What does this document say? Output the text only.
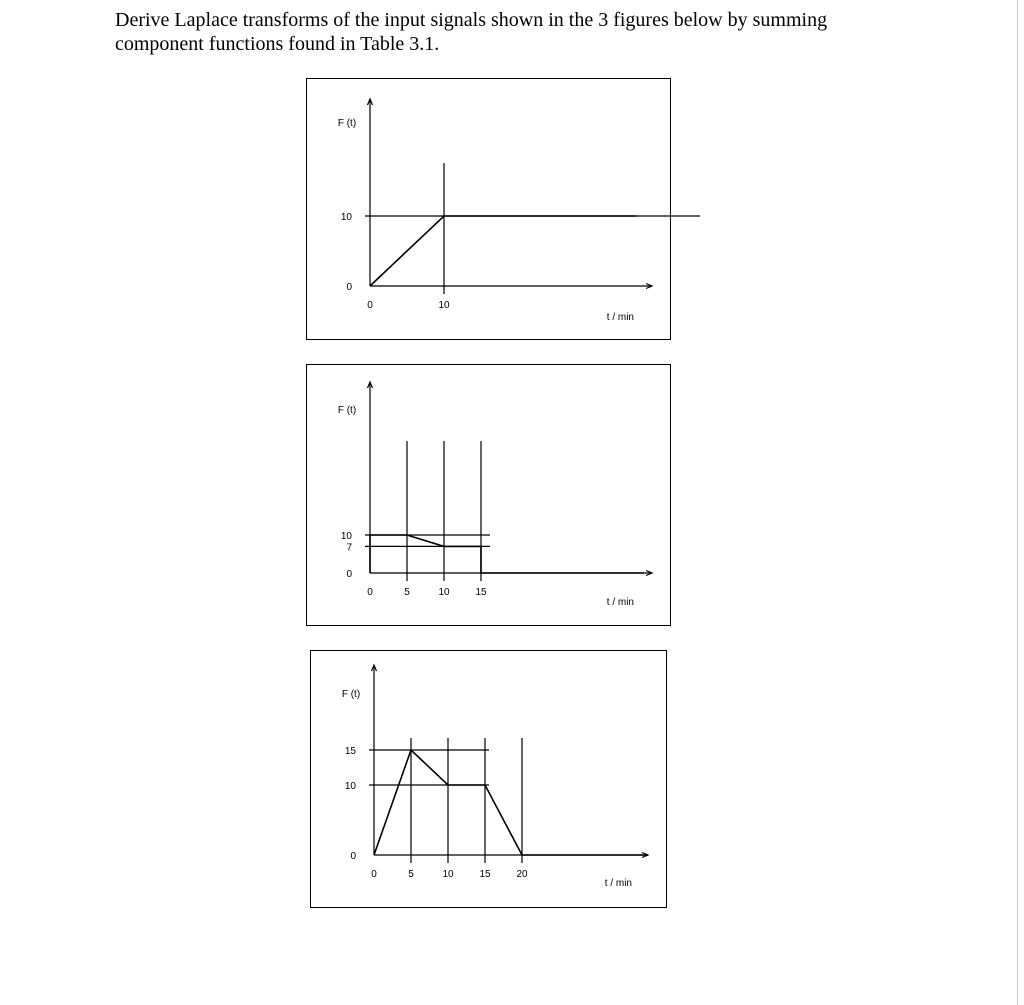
Derive Laplace transforms of the input signals shown in the 3 figures below by summing component functions found in Table 3.1.

F (t)
t / min
0
10
0	10
F (t)
t / min
0
7
10
0	5	10	15
F (t)
t / min
0
10
15
0	5	10	15	20
